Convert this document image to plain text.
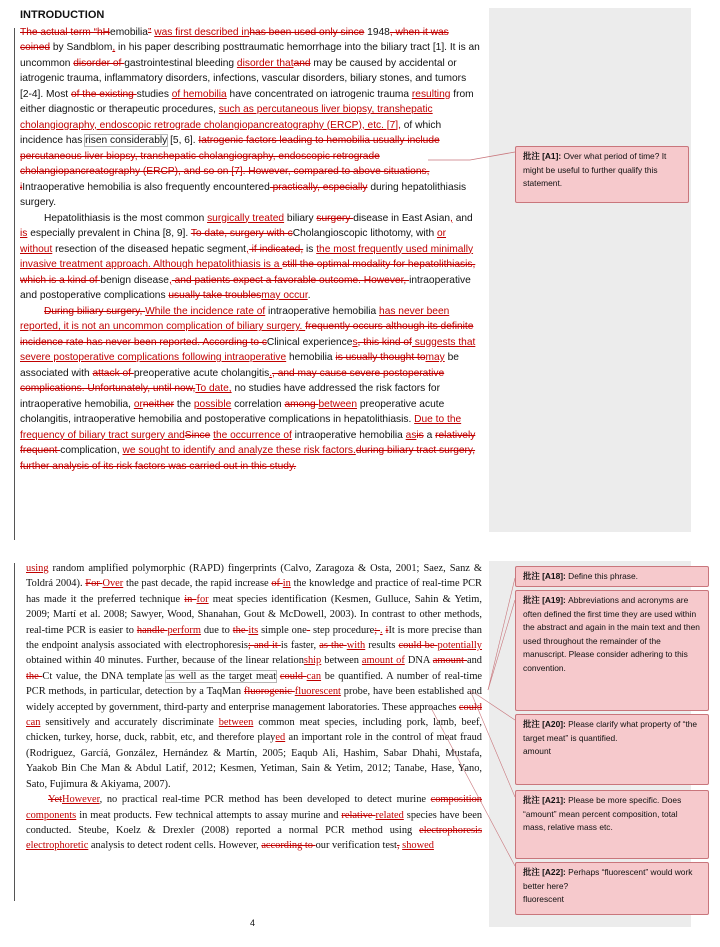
INTRODUCTION

The actual term “hHemobilia” was first described inhas been used only since 1948, when it was coined by Sandblom, in his paper describing posttraumatic hemorrhage into the biliary tract [1]. It is an uncommon disorder of gastrointestinal bleeding disorder thatand may be caused by accidental or iatrogenic trauma, inflammatory disorders, infections, vascular disorders, biliary stones, and tumors [2-4]. Most of the existing studies of hemobilia have concentrated on iatrogenic trauma resulting from either diagnostic or therapeutic procedures, such as percutaneous liver biopsy, transhepatic cholangiography, endoscopic retrograde cholangiopancreatography (ERCP), etc. [7], of which incidence has risen considerably [5, 6]. Iatrogenic factors leading to hemobilia usually include percutaneous liver biopsy, transhepatic cholangiography, endoscopic retrograde cholangiopancreatography (ERCP), and so on [7]. However, compared to above situations, iIntraoperative hemobilia is also frequently encountered practically, especially during hepatolithiasis surgery.

Hepatolithiasis is the most common surgically treated biliary surgery disease in East Asian, and is especially prevalent in China [8, 9]. To date, surgery with cCholangioscopic lithotomy, with or without resection of the diseased hepatic segment, if indicated, is the most frequently used minimally invasive treatment approach. Although hepatolithiasis is a still the optimal modality for hepatolithiasis, which is a kind of benign disease, and patients expect a favorable outcome. However, intraoperative and postoperative complications usually take troublesmay occur.

During biliary surgery, While the incidence rate of intraoperative hemobilia has never been reported, it is not an uncommon complication of biliary surgery. frequently occurs although its definite incidence rate has never been reported. According to cClinical experiences, this kind of suggests that severe postoperative complications following intraoperative hemobilia is usually thought tomay be associated with attack of preoperative acute cholangitis., and may cause severe postoperative complications. Unfortunately, until now,To date, no studies have addressed the risk factors for intraoperative hemobilia, orneither the possible correlation among between preoperative acute cholangitis, intraoperative hemobilia and postoperative complications in hepatolithiasis. Due to the frequency of biliary tract surgery andSince the occurrence of intraoperative hemobilia asis a relatively frequent complication, we sought to identify and analyze these risk factors.during biliary tract surgery, further analysis of its risk factors was carried out in this study.

using random amplified polymorphic (RAPD) fingerprints (Calvo, Zaragoza & Osta, 2001; Saez, Sanz & Toldrá 2004). For Over the past decade, the rapid increase of in the knowledge and practice of real-time PCR has made it the preferred technique in for meat species identification (Kesmen, Gulluce, Sahin & Yetim, 2009; Martí et al. 2008; Sawyer, Wood, Shanahan, Gout & McDowell, 2003). In contrast to other methods, real-time PCR is easier to handle perform due to the its simple one- step procedure; . iIt is more precise than the endpoint analysis associated with electrophoresis; and it is faster, as the with results could be potentially obtained within 40 minutes. Further, because of the linear relationship between amount of DNA amount and the Ct value, the DNA template as well as the target meat could can be quantified. A number of real-time PCR methods, in particular, detection by a TaqMan fluorogenic fluorescent probe, have been established and widely accepted by government, third-party and enterprise management laboratories. These approaches could can sensitively and accurately discriminate between common meat species, including pork, lamb, beef, chicken, turkey, horse, duck, rabbit, etc, and therefore played an important role in the control of meat fraud (Rodriguez, Garcíá, González, Hernández & Martín, 2005; Eaqub Ali, Hashim, Sabar Dhahi, Mustafa, Yaakob Bin Che Man & Abdul Latif, 2012; Kesmen, Yetiman, Sain & Yetim, 2012; Tanabe, Hase, Yano, Sato, Fujimura & Akiyama, 2007).

YetHowever, no practical real-time PCR method has been developed to detect murine composition components in meat products. Few technical attempts to assay murine and relative related species have been conducted. Steube, Koelz & Drexler (2008) reported a normal PCR method using electrophoresis electrophoretic analysis to detect rodent cells. However, according to our verification test, showed

批注 [A1]: Over what period of time? It might be useful to further qualify this statement.
批注 [A18]: Define this phrase.
批注 [A19]: Abbreviations and acronyms are often defined the first time they are used within the abstract and again in the main text and then used throughout the remainder of the manuscript. Please consider adhering to this convention.
批注 [A20]: Please clarify what property of “the target meat” is quantified.
amount
批注 [A21]: Please be more specific. Does “amount” mean percent composition, total mass, relative mass etc.
批注 [A22]: Perhaps “fluorescent” would work better here?
fluorescent
4
